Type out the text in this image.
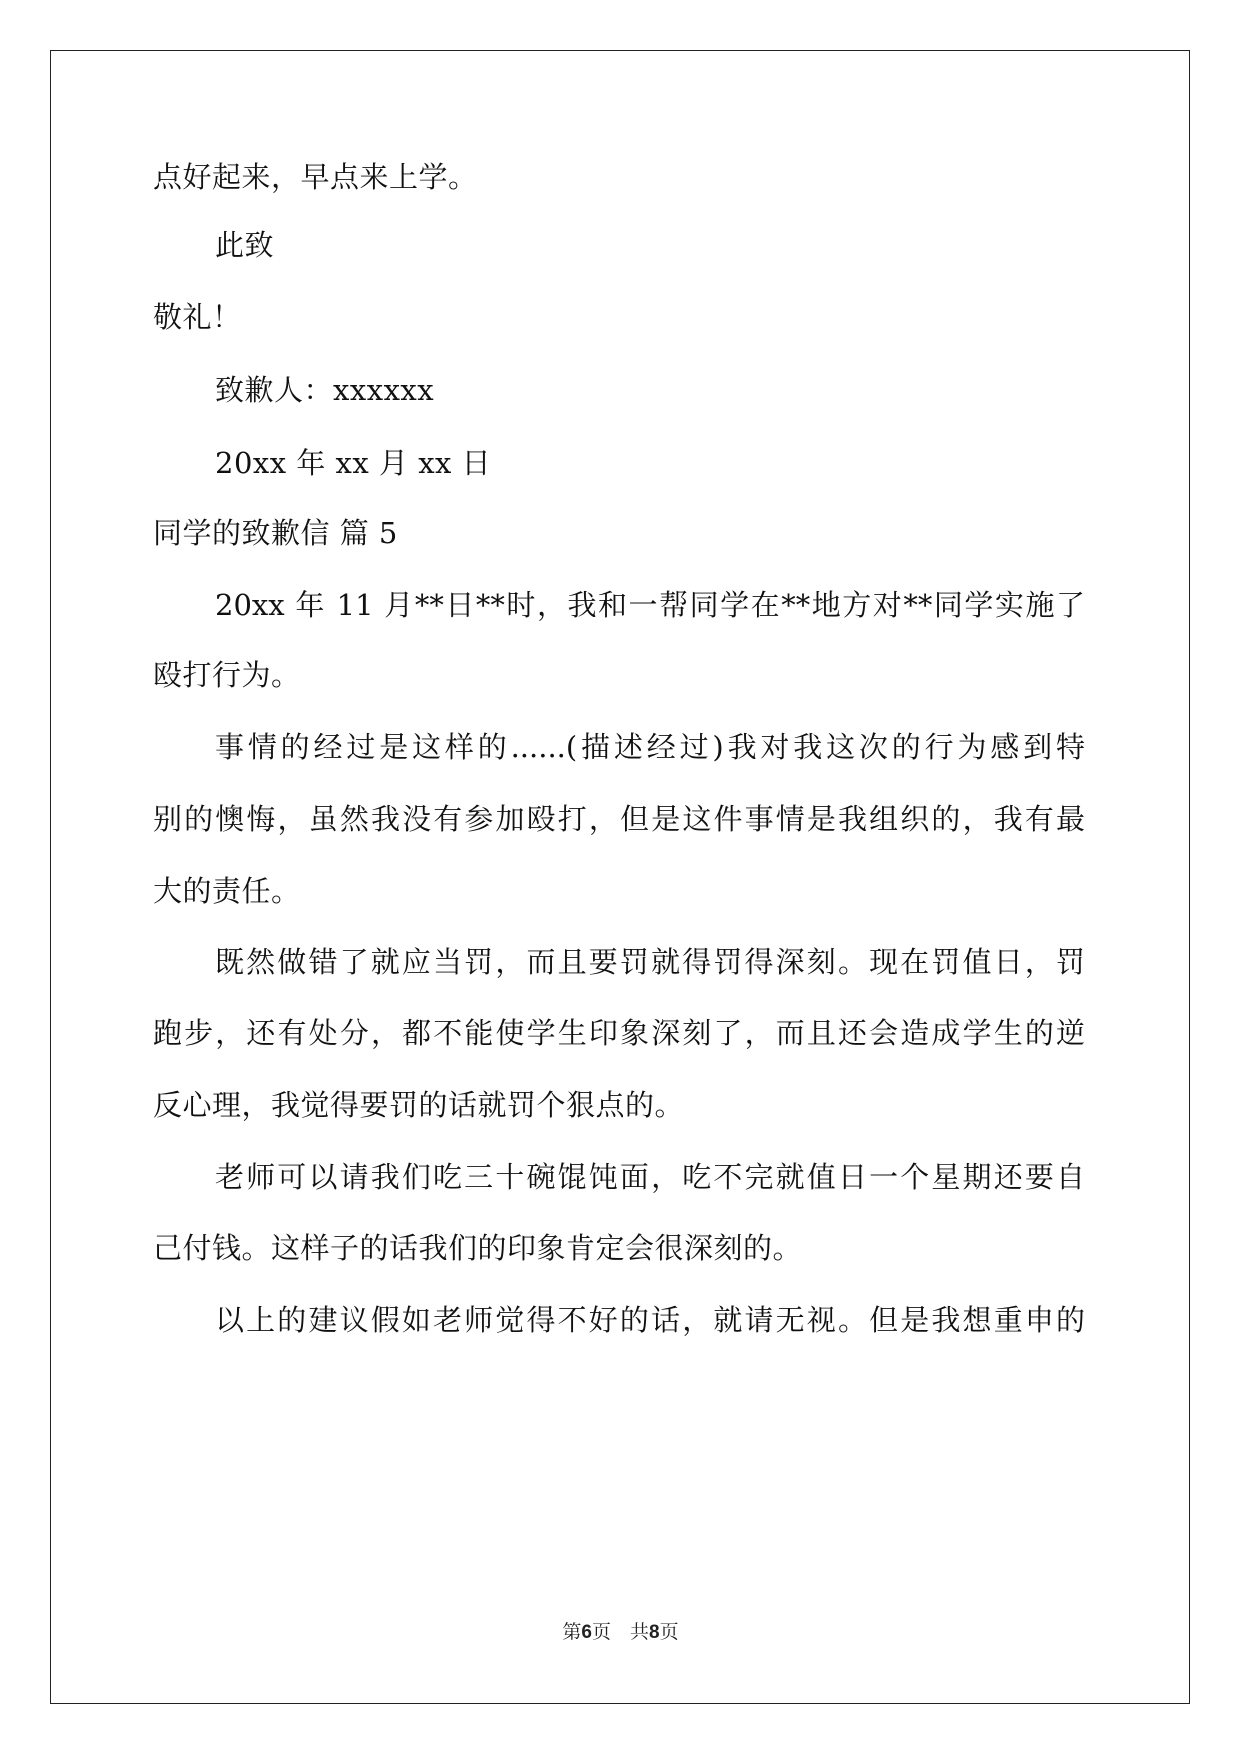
点好起来，早点来上学。
此致
敬礼！
致歉人：xxxxxx
20xx 年 xx 月 xx 日
同学的致歉信 篇 5
20xx 年 11 月**日**时，我和一帮同学在**地方对**同学实施了
殴打行为。
事情的经过是这样的......(描述经过)我对我这次的行为感到特
别的懊悔，虽然我没有参加殴打，但是这件事情是我组织的，我有最
大的责任。
既然做错了就应当罚，而且要罚就得罚得深刻。现在罚值日，罚
跑步，还有处分，都不能使学生印象深刻了，而且还会造成学生的逆
反心理，我觉得要罚的话就罚个狠点的。
老师可以请我们吃三十碗馄饨面，吃不完就值日一个星期还要自
己付钱。这样子的话我们的印象肯定会很深刻的。
以上的建议假如老师觉得不好的话，就请无视。但是我想重申的
第6页　共8页
